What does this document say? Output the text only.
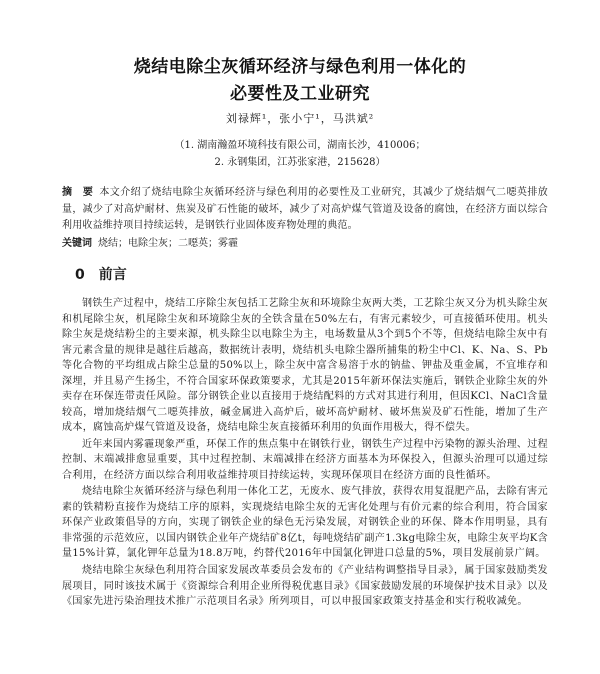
烧结电除尘灰循环经济与绿色利用一体化的
必要性及工业研究
刘禄辉¹，张小宁¹，马洪斌²
（1. 湖南瀚盈环境科技有限公司，湖南长沙，410006；
2. 永钢集团，江苏张家港，215628）
摘　要 本文介绍了烧结电除尘灰循环经济与绿色利用的必要性及工业研究，其减少了烧结烟气二噁英排放量，减少了对高炉耐材、焦炭及矿石性能的破坏，减少了对高炉煤气管道及设备的腐蚀，在经济方面以综合利用收益维持项目持续运转，是钢铁行业固体废弃物处理的典范。
关键词 烧结；电除尘灰；二噁英；雾霾
0 前言

钢铁生产过程中，烧结工序除尘灰包括工艺除尘灰和环境除尘灰两大类，工艺除尘灰又分为机头除尘灰和机尾除尘灰，机尾除尘灰和环境除尘灰的全铁含量在50%左右，有害元素较少，可直接循环使用。机头除尘灰是烧结粉尘的主要来源，机头除尘以电除尘为主，电场数量从3个到5个不等，但烧结电除尘灰中有害元素含量的规律是越往后越高，数据统计表明，烧结机头电除尘器所捕集的粉尘中Cl、K、Na、S、Pb等化合物的平均组成占除尘总量的50%以上，除尘灰中富含易溶于水的钠盐、钾盐及重金属，不宜堆存和深埋，并且易产生扬尘，不符合国家环保政策要求，尤其是2015年新环保法实施后，钢铁企业除尘灰的外卖存在环保连带责任风险。部分钢铁企业以直接用于烧结配料的方式对其进行利用，但因KCl、NaCl含量较高，增加烧结烟气二噁英排放，碱金属进入高炉后，破坏高炉耐材、破坏焦炭及矿石性能，增加了生产成本，腐蚀高炉煤气管道及设备，烧结电除尘灰直接循环利用的负面作用极大，得不偿失。

近年来国内雾霾现象严重，环保工作的焦点集中在钢铁行业，钢铁生产过程中污染物的源头治理、过程控制、末端减排愈显重要，其中过程控制、末端减排在经济方面基本为环保投入，但源头治理可以通过综合利用，在经济方面以综合利用收益维持项目持续运转，实现环保项目在经济方面的良性循环。

烧结电除尘灰循环经济与绿色利用一体化工艺，无废水、废气排放，获得农用复混肥产品，去除有害元素的铁精粉直接作为烧结工序的原料，实现烧结电除尘灰的无害化处理与有价元素的综合利用，符合国家环保产业政策倡导的方向，实现了钢铁企业的绿色无污染发展，对钢铁企业的环保、降本作用明显，具有非常强的示范效应，以国内钢铁企业年产烧结矿8亿t，每吨烧结矿副产1.3kg电除尘灰，电除尘灰平均K含量15%计算，氯化钾年总量为18.8万吨，约替代2016年中国氯化钾进口总量的5%，项目发展前景广阔。

烧结电除尘灰绿色利用符合国家发展改革委员会发布的《产业结构调整指导目录》，属于国家鼓励类发展项目，同时该技术属于《资源综合利用企业所得税优惠目录》《国家鼓励发展的环境保护技术目录》以及《国家先进污染治理技术推广示范项目名录》所列项目，可以申报国家政策支持基金和实行税收减免。
